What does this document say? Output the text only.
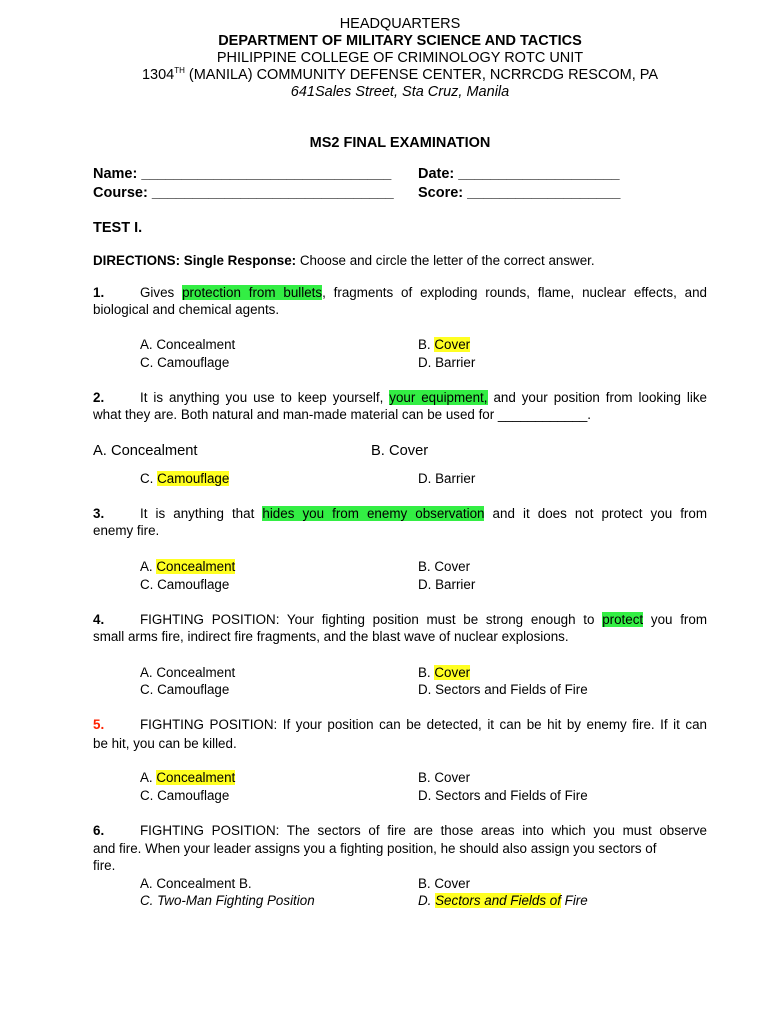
HEADQUARTERS
DEPARTMENT OF MILITARY SCIENCE AND TACTICS
PHILIPPINE COLLEGE OF CRIMINOLOGY ROTC UNIT
1304TH (MANILA) COMMUNITY DEFENSE CENTER, NCRRCDG RESCOM, PA
641Sales Street, Sta Cruz, Manila
MS2 FINAL EXAMINATION
Name: _______________________________ Date: ____________________
Course: ______________________________ Score: ___________________
TEST I.
DIRECTIONS: Single Response: Choose and circle the letter of the correct answer.
1.	Gives protection from bullets, fragments of exploding rounds, flame, nuclear effects, and
biological and chemical agents.
A. Concealment	B. Cover
C. Camouflage	D. Barrier
2.	It is anything you use to keep yourself, your equipment, and your position from looking like
what they are. Both natural and man-made material can be used for ____________.
A. Concealment	B. Cover
C. Camouflage	D. Barrier
3.	It is anything that hides you from enemy observation and it does not protect you from
enemy fire.
A. Concealment	B. Cover
C. Camouflage	D. Barrier
4.	FIGHTING POSITION: Your fighting position must be strong enough to protect you from
small arms fire, indirect fire fragments, and the blast wave of nuclear explosions.
A. Concealment	B. Cover
C. Camouflage	D. Sectors and Fields of Fire
5.	FIGHTING POSITION: If your position can be detected, it can be hit by enemy fire. If it can
be hit, you can be killed.
A. Concealment	B. Cover
C. Camouflage	D. Sectors and Fields of Fire
6.	FIGHTING POSITION: The sectors of fire are those areas into which you must observe
and fire. When your leader assigns you a fighting position, he should also assign you sectors of
fire.
A. Concealment B.	B. Cover
C. Two-Man Fighting Position	D. Sectors and Fields of Fire
